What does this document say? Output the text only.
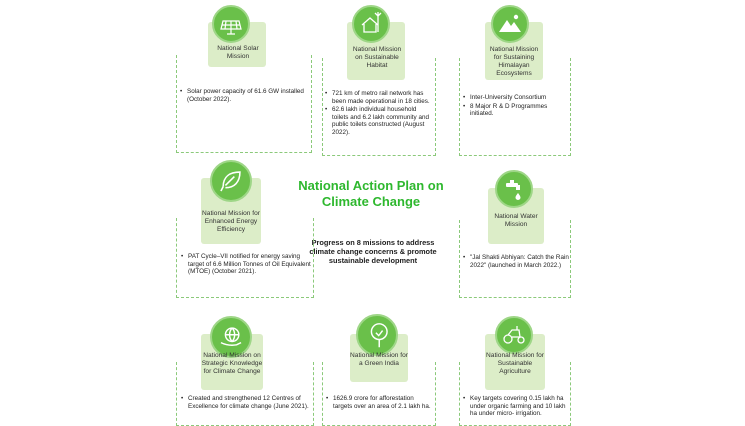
National Action Plan on Climate Change
Progress on 8 missions to address climate change concerns & promote sustainable development
National Solar Mission
• Solar power capacity of 61.6 GW installed (October 2022).
National Mission on Sustainable Habitat
• 721 km of metro rail network has been made operational in 18 cities.
• 62.6 lakh individual household toilets and 6.2 lakh community and public toilets constructed (August 2022).
National Mission for Sustaining Himalayan Ecosystems
• Inter-University Consortium
• 8 Major R & D Programmes initiated.
National Mission for Enhanced Energy Efficiency
• PAT Cycle–VII notified for energy saving target of 6.6 Million Tonnes of Oil Equivalent (MTOE) (October 2021).
National Water Mission
• "Jal Shakti Abhiyan: Catch the Rain 2022" (launched in March 2022.)
National Mission on Strategic Knowledge for Climate Change
• Created and strengthened 12 Centres of Excellence for climate change (June 2021).
National Mission for a Green India
• 1626.9 crore for afforestation targets over an area of 2.1 lakh ha.
National Mission for Sustainable Agriculture
• Key targets covering 0.15 lakh ha under organic farming and 10 lakh ha under micro- irrigation.
